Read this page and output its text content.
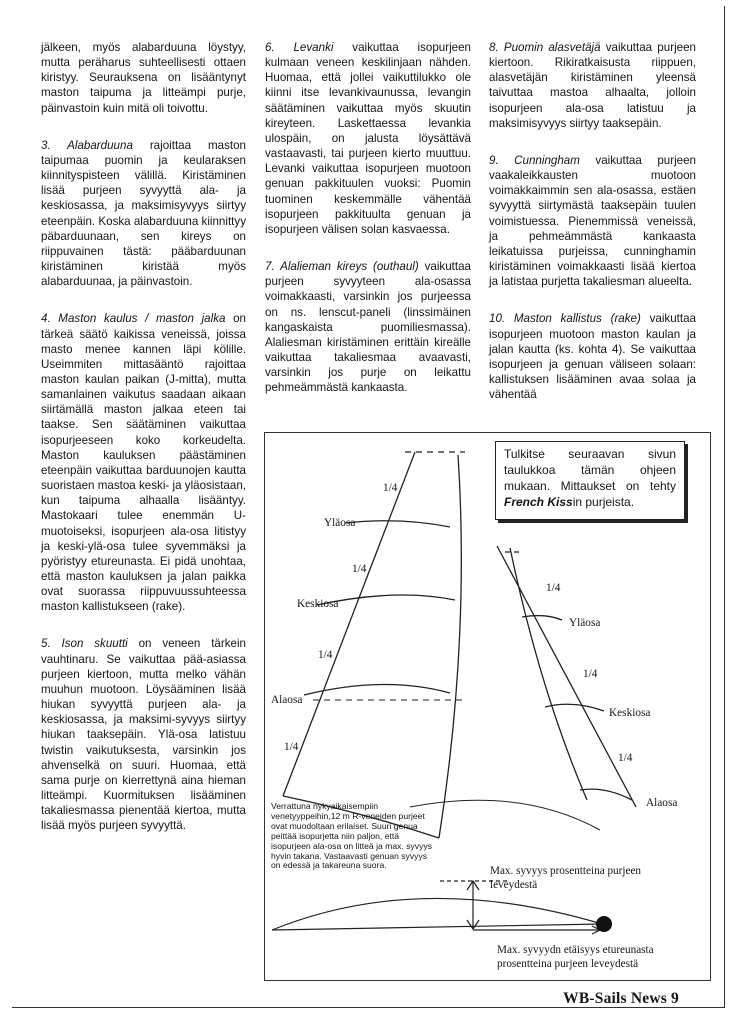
jälkeen, myös alabarduuna löystyy, mutta peräharus suhteellisesti ottaen kiristyy. Seurauksena on lisääntynyt maston taipuma ja litteämpi purje, päinvastoin kuin mitä oli toivottu.

3. Alabarduuna rajoittaa maston taipumaa puomin ja keularaksen kiinnityspisteen välillä. Kiristäminen lisää purjeen syvyyttä ala- ja keskiosassa, ja maksimisyvyys siirtyy eteenpäin. Koska alabarduuna kiinnittyy päbarduunaan, sen kireys on riippuvainen tästä: pääbarduunan kiristäminen kiristää myös alabarduunaa, ja päinvastoin.

4. Maston kaulus / maston jalka on tärkeä säätö kaikissa veneissä, joissa masto menee kannen läpi kölille. Useimmiten mittasääntö rajoittaa maston kaulan paikan (J-mitta), mutta samanlainen vaikutus saadaan aikaan siirtämällä maston jalkaa eteen tai taakse. Sen säätäminen vaikuttaa isopurjeeseen koko korkeudelta. Maston kauluksen päästäminen eteenpäin vaikuttaa barduunojen kautta suoristaen mastoa keski- ja yläosistaan, kun taipuma alhaalla lisääntyy. Mastokaari tulee enemmän U-muotoiseksi, isopurjeen ala-osa litistyy ja keski-ylä-osa tulee syvemmäksi ja pyöristyy etureunasta. Ei pidä unohtaa, että maston kauluksen ja jalan paikka ovat suorassa riippuvuussuhteessa maston kallistukseen (rake).

5. Ison skuutti on veneen tärkein vauhtinaru. Se vaikuttaa pää-asiassa purjeen kiertoon, mutta melko vähän muuhun muotoon. Löysääminen lisää hiukan syvyyttä purjeen ala- ja keskiosassa, ja maksimi-syvyys siirtyy hiukan taaksepäin. Ylä-osa latistuu twistin vaikutuksesta, varsinkin jos ahvenselkä on suuri. Huomaa, että sama purje on kierrettynä aina hieman litteämpi. Kuormituksen lisääminen takaliesmassa pienentää kiertoa, mutta lisää myös purjeen syvyyttä.

6. Levanki vaikuttaa isopurjeen kulmaan veneen keskilinjaan nähden. Huomaa, että jollei vaikuttilukko ole kiinni itse levankivaunussa, levangin säätäminen vaikuttaa myös skuutin kireyteen. Laskettaessa levankia ulospäin, on jalusta löysättävä vastaavasti, tai purjeen kierto muuttuu. Levanki vaikuttaa isopurjeen muotoon genuan pakkituulen vuoksi: Puomin tuominen keskemmälle vähentää isopurjeen pakkituulta genuan ja isopurjeen välisen solan kasvaessa.

7. Alalieman kireys (outhaul) vaikuttaa purjeen syvyyteen ala-osassa voimakkaasti, varsinkin jos purjeessa on ns. lenscut-paneli (linssimäinen kangaskaista puomiliesmassa). Alaliesman kiristäminen erittäin kireälle vaikuttaa takaliesmaa avaavasti, varsinkin jos purje on leikattu pehmeämmästä kankaasta.

8. Puomin alasvetäjä vaikuttaa purjeen kiertoon. Rikiratkaisusta riippuen, alasvetäjän kiristäminen yleensä taivuttaa mastoa alhaalta, jolloin isopurjeen ala-osa latistuu ja maksimisyvyys siirtyy taaksepäin.

9. Cunningham vaikuttaa purjeen vaakaleikkausten muotoon voimakkaimmin sen ala-osassa, estäen syvyyttä siirtymästä taaksepäin tuulen voimistuessa. Pienemmissä veneissä, ja pehmeämmästä kankaasta leikatuissa purjeissa, cunninghamin kiristäminen voimakkaasti lisää kiertoa ja latistaa purjetta takaliesman alueelta.

10. Maston kallistus (rake) vaikuttaa isopurjeen muotoon maston kaulan ja jalan kautta (ks. kohta 4). Se vaikuttaa isopurjeen ja genuan väliseen solaan: kallistuksen lisääminen avaa solaa ja vähentää

1/4
Yläosa
1/4
Keskiosa
1/4
Alaosa
1/4
1/4
Yläosa
1/4
Keskiosa
1/4
Alaosa
Tulkitse seuraavan sivun taulukkoa tämän ohjeen mukaan. Mittaukset on tehty French Kissin purjeista.
Verrattuna nykyaikaisempiin venetyyppeihin,12 m R-veneiden purjeet ovat muodoltaan erilaiset. Suuri genua peittää isopurjetta niin paljon, että isopurjeen ala-osa on litteä ja max. syvyys hyvin takana. Vastaavasti genuan syvyys on edessä ja takareuna suora.	Max. syvyys prosentteina purjeen leveydestä
Max. syvyydn etäisyys etureunasta prosentteina purjeen leveydestä
WB-Sails News 9
